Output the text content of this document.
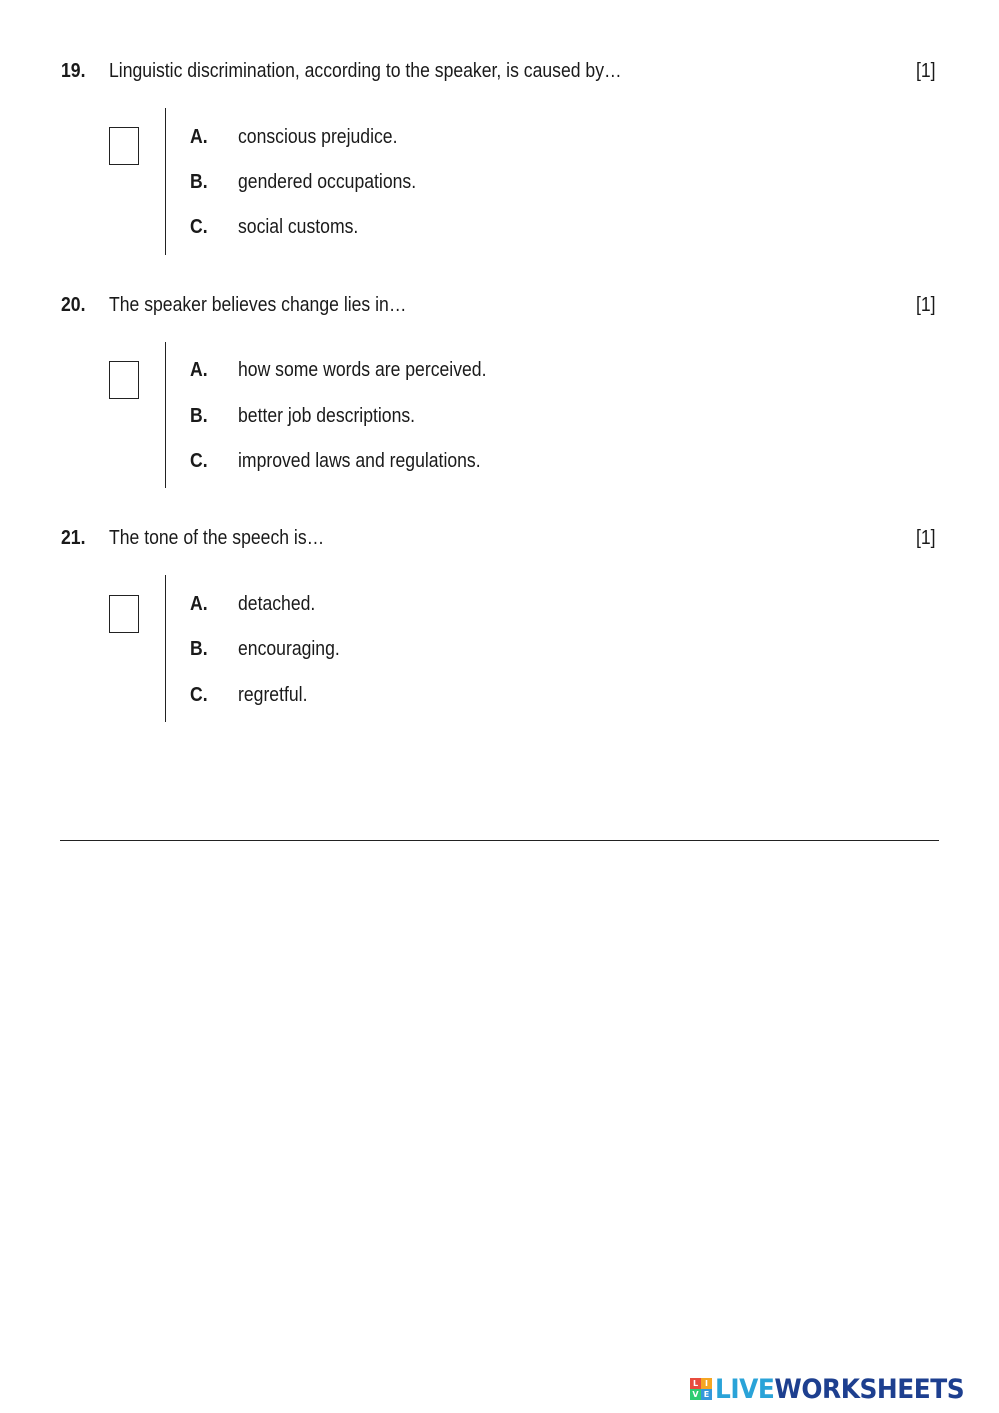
19. Linguistic discrimination, according to the speaker, is caused by…	[1]
A. conscious prejudice.
B. gendered occupations.
C. social customs.
20. The speaker believes change lies in…	[1]
A. how some words are perceived.
B. better job descriptions.
C. improved laws and regulations.
21. The tone of the speech is…	[1]
A. detached.
B. encouraging.
C. regretful.
L I
V E LIVEWORKSHEETS
